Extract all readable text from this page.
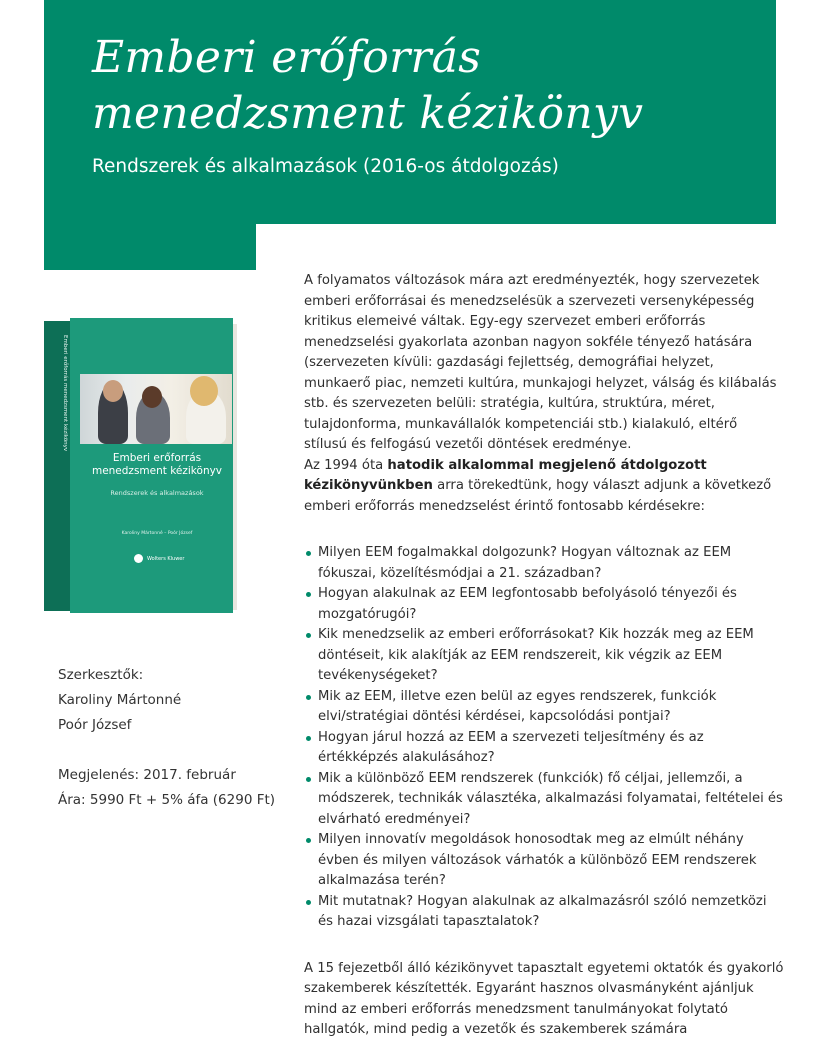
Emberi erőforrás
menedzsment kézikönyv
Rendszerek és alkalmazások (2016-os átdolgozás)
Emberi erőforrás menedzsment kézikönyv
Emberi erőforrás
menedzsment kézikönyv
Rendszerek és alkalmazások
Karoliny Mártonné – Poór József
Wolters Kluwer

Szerkesztők:

Karoliny Mártonné

Poór József

Megjelenés: 2017. február

Ára: 5990 Ft + 5% áfa (6290 Ft)

A folyamatos változások mára azt eredményezték, hogy szervezetek emberi erőforrásai és menedzselésük a szervezeti versenyképesség kritikus elemeivé váltak. Egy-egy szervezet emberi erőforrás menedzselési gyakorlata azonban nagyon sokféle tényező hatására (szervezeten kívüli: gazdasági fejlettség, demográfiai helyzet, munkaerő piac, nemzeti kultúra, munkajogi helyzet, válság és kilábalás stb. és szervezeten belüli: stratégia, kultúra, struktúra, méret, tulajdonforma, munkavállalók kompetenciái stb.) kialakuló, eltérő stílusú és felfogású vezetői döntések eredménye.

Az 1994 óta hatodik alkalommal megjelenő átdolgozott kézikönyvünkben arra törekedtünk, hogy választ adjunk a következő emberi erőforrás menedzselést érintő fontosabb kérdésekre:

Milyen EEM fogalmakkal dolgozunk? Hogyan változnak az EEM fókuszai, közelítésmódjai a 21. században?
Hogyan alakulnak az EEM legfontosabb befolyásoló tényezői és mozgatórugói?
Kik menedzselik az emberi erőforrásokat? Kik hozzák meg az EEM döntéseit, kik alakítják az EEM rendszereit, kik végzik az EEM tevékenységeket?
Mik az EEM, illetve ezen belül az egyes rendszerek, funkciók elvi/stratégiai döntési kérdései, kapcsolódási pontjai?
Hogyan járul hozzá az EEM a szervezeti teljesítmény és az értékképzés alakulásához?
Mik a különböző EEM rendszerek (funkciók) fő céljai, jellemzői, a módszerek, technikák választéka, alkalmazási folyamatai, feltételei és elvárható eredményei?
Milyen innovatív megoldások honosodtak meg az elmúlt néhány évben és milyen változások várhatók a különböző EEM rendszerek alkalmazása terén?
Mit mutatnak? Hogyan alakulnak az alkalmazásról szóló nemzetközi és hazai vizsgálati tapasztalatok?

A 15 fejezetből álló kézikönyvet tapasztalt egyetemi oktatók és gyakorló szakemberek készítették. Egyaránt hasznos olvasmányként ajánljuk mind az emberi erőforrás menedzsment tanulmányokat folytató hallgatók, mind pedig a vezetők és szakemberek számára
